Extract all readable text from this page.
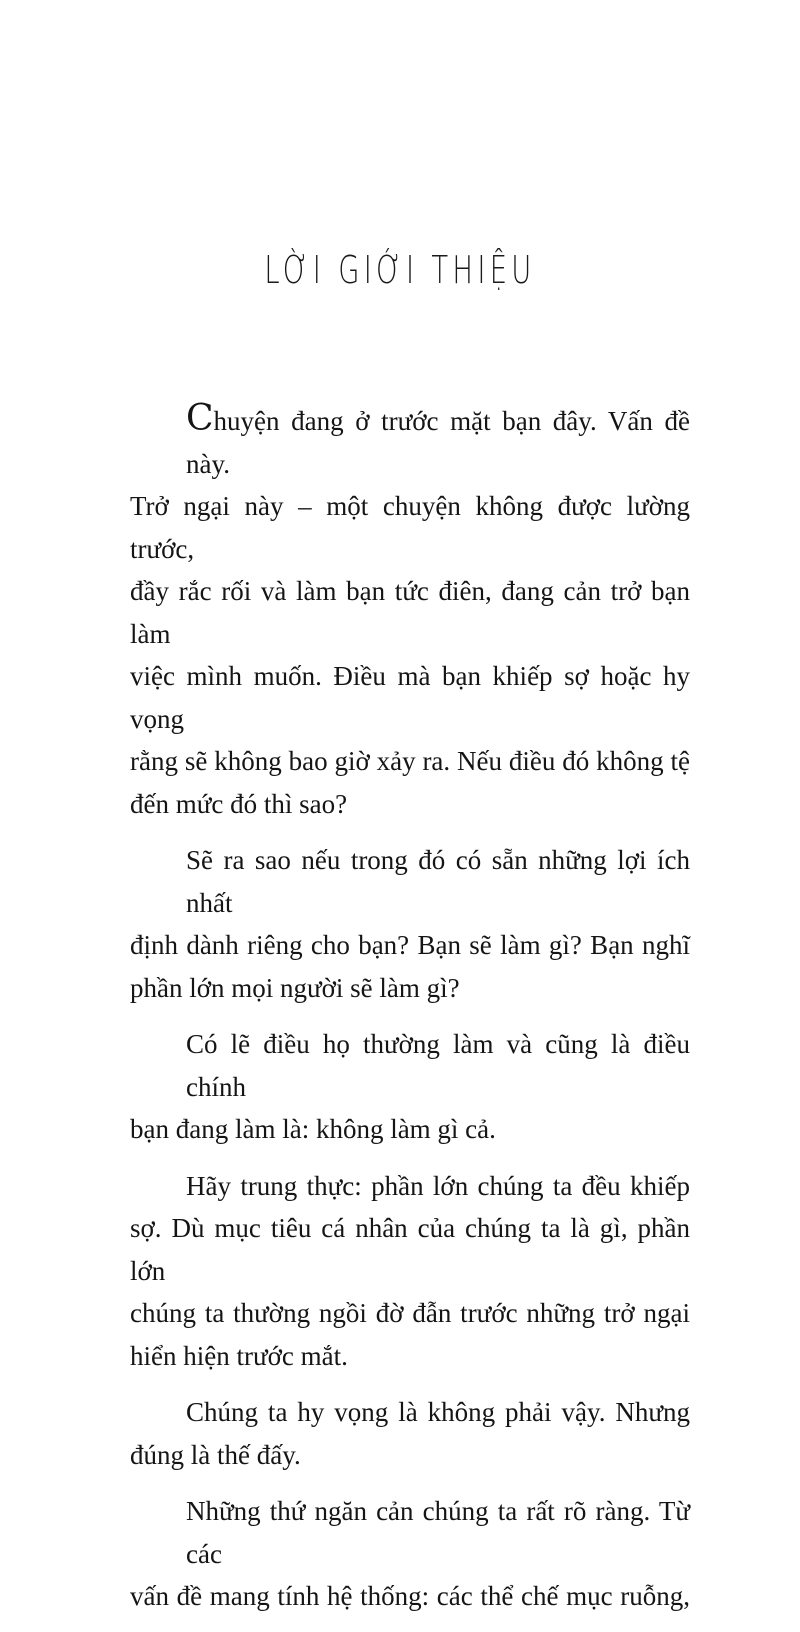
LỜI GIỚI THIỆU
Chuyện đang ở trước mặt bạn đây. Vấn đề này.
Trở ngại này – một chuyện không được lường trước,
đầy rắc rối và làm bạn tức điên, đang cản trở bạn làm
việc mình muốn. Điều mà bạn khiếp sợ hoặc hy vọng
rằng sẽ không bao giờ xảy ra. Nếu điều đó không tệ
đến mức đó thì sao?
Sẽ ra sao nếu trong đó có sẵn những lợi ích nhất
định dành riêng cho bạn? Bạn sẽ làm gì? Bạn nghĩ
phần lớn mọi người sẽ làm gì?
Có lẽ điều họ thường làm và cũng là điều chính
bạn đang làm là: không làm gì cả.
Hãy trung thực: phần lớn chúng ta đều khiếp
sợ. Dù mục tiêu cá nhân của chúng ta là gì, phần lớn
chúng ta thường ngồi đờ đẫn trước những trở ngại
hiển hiện trước mắt.
Chúng ta hy vọng là không phải vậy. Nhưng
đúng là thế đấy.
Những thứ ngăn cản chúng ta rất rõ ràng. Từ các
vấn đề mang tính hệ thống: các thể chế mục ruỗng,
